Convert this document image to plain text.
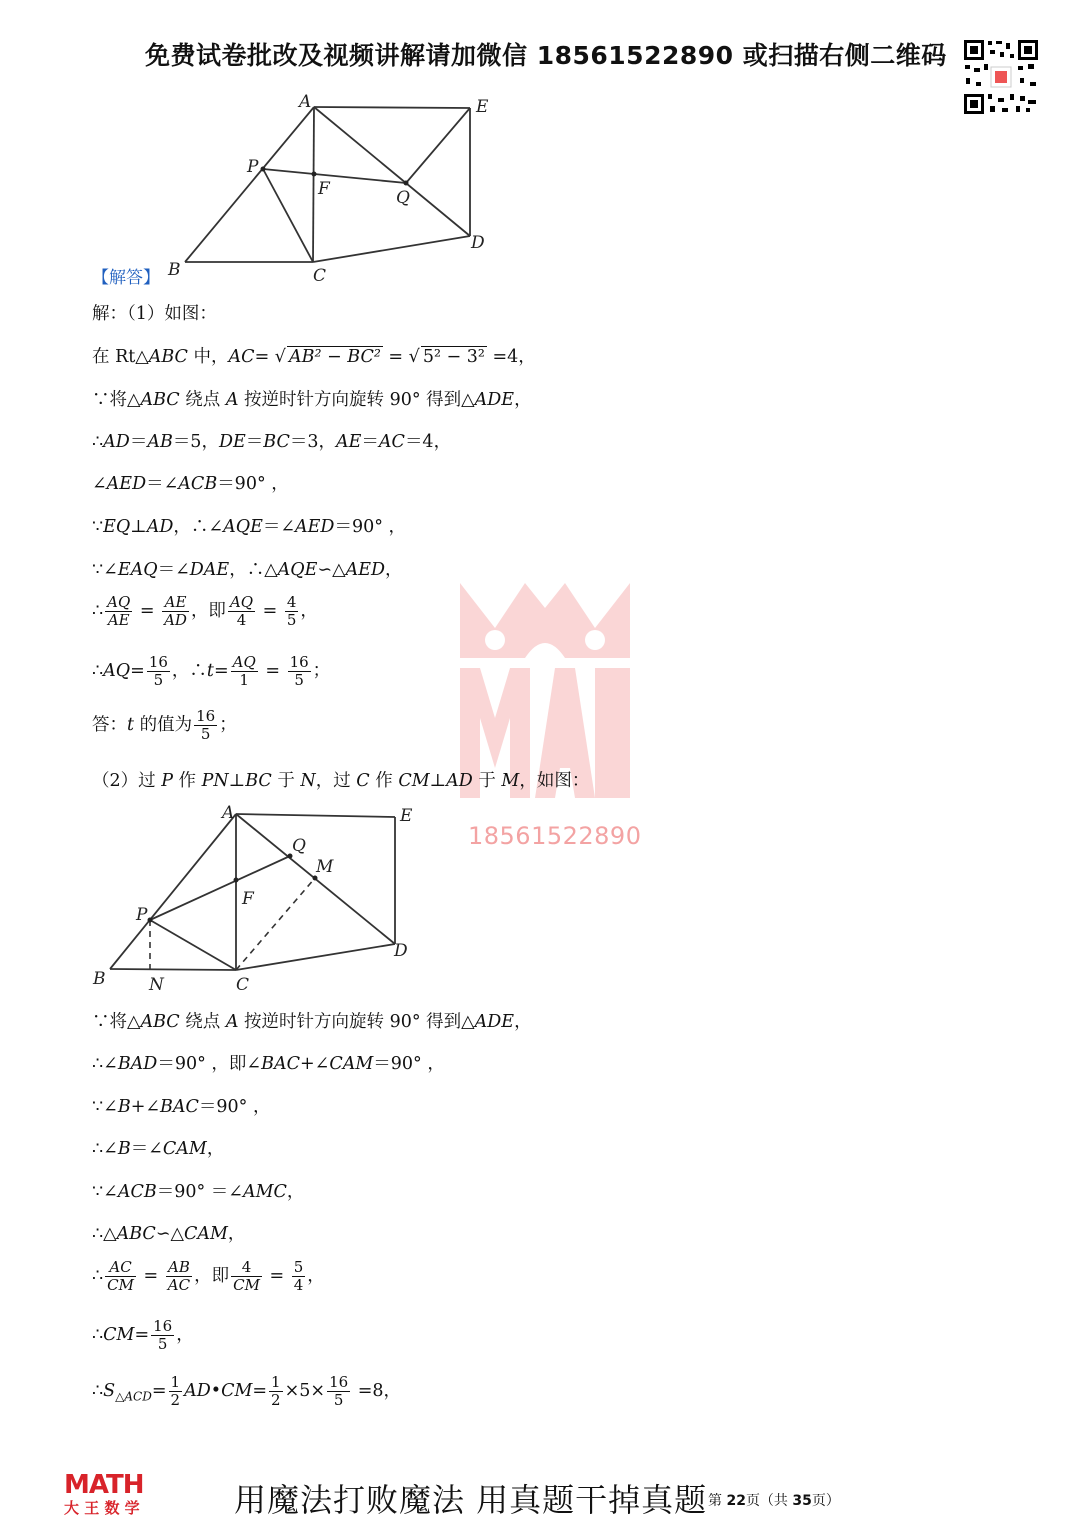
免费试卷批改及视频讲解请加微信 18561522890 或扫描右侧二维码
18561522890
A	E
P
F	Q
B	C
D
【解答】
解：（1）如图：
在 Rt△ABC 中，AC= √ AB² − BC² = √ 5² − 3² =4，
∵将△ABC 绕点 A 按逆时针方向旋转 90° 得到△ADE，
∴AD＝AB＝5，DE＝BC＝3，AE＝AC＝4，
∠AED＝∠ACB＝90° ，
∵EQ⊥AD，∴∠AQE＝∠AED＝90° ，
∵∠EAQ＝∠DAE，∴△AQE∽△AED，
∴ $\frac{AQ}{AE} = \frac{AE}{AD}$ ，即 $\frac{AQ}{4} = \frac{4}{5}$ ，
∴AQ= $\frac{16}{5}$ ，∴t= $\frac{AQ}{1} = \frac{16}{5}$ ；
答：t 的值为 $\frac{16}{5}$ ；
（2）过 P 作 PN⊥BC 于 N，过 C 作 CM⊥AD 于 M，如图：
A	E
Q
M
F
P
B	N	C
D
∵将△ABC 绕点 A 按逆时针方向旋转 90° 得到△ADE，
∴∠BAD＝90° ，即∠BAC+∠CAM＝90° ，
∵∠B+∠BAC＝90° ，
∴∠B＝∠CAM，
∵∠ACB＝90° ＝∠AMC，
∴△ABC∽△CAM，
∴ $\frac{AC}{CM} = \frac{AB}{AC}$ ，即 $\frac{4}{CM} = \frac{5}{4}$ ，
∴CM= $\frac{16}{5}$ ，
$\therefore S_{\triangle ACD}= \frac{1}{2}$ AD•CM= $\frac{1}{2} \times 5\times \frac{16}{5} =8$，
MATH
大 王 数 学	用魔法打败魔法 用真题干掉真题 第 22页（共 35页）
